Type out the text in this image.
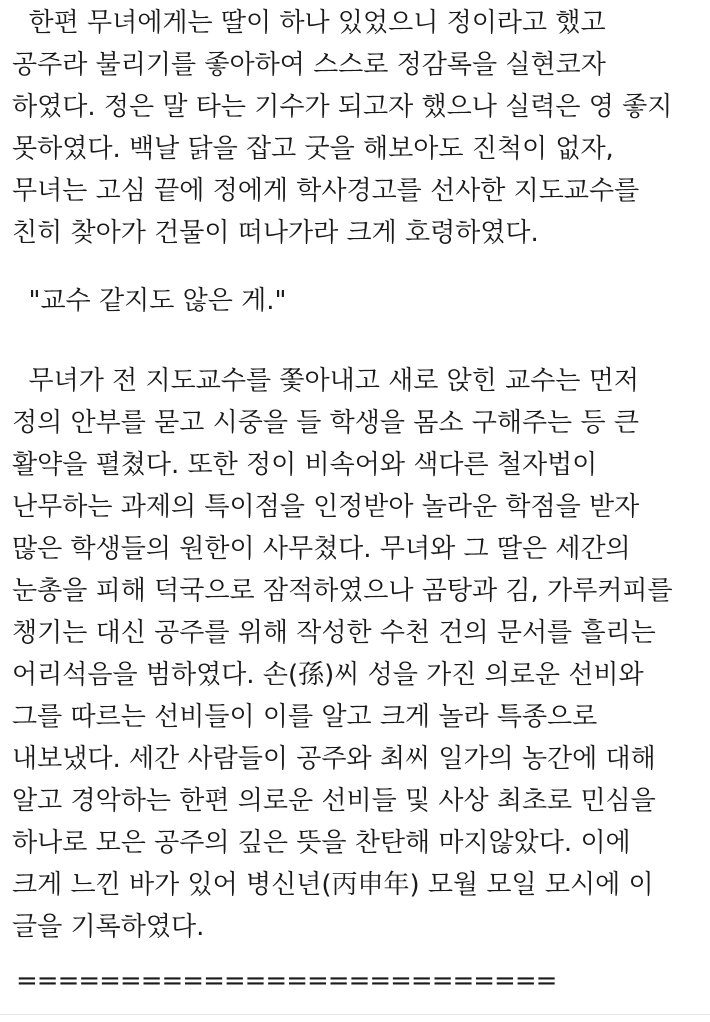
한편 무녀에게는 딸이 하나 있었으니 정이라고 했고
공주라 불리기를 좋아하여 스스로 정감록을 실현코자
하였다. 정은 말 타는 기수가 되고자 했으나 실력은 영 좋지
못하였다. 백날 닭을 잡고 굿을 해보아도 진척이 없자,
무녀는 고심 끝에 정에게 학사경고를 선사한 지도교수를
친히 찾아가 건물이 떠나가라 크게 호령하였다.
"교수 같지도 않은 게."
무녀가 전 지도교수를 쫓아내고 새로 앉힌 교수는 먼저
정의 안부를 묻고 시중을 들 학생을 몸소 구해주는 등 큰
활약을 펼쳤다. 또한 정이 비속어와 색다른 철자법이
난무하는 과제의 특이점을 인정받아 놀라운 학점을 받자
많은 학생들의 원한이 사무쳤다. 무녀와 그 딸은 세간의
눈총을 피해 덕국으로 잠적하였으나 곰탕과 김, 가루커피를
챙기는 대신 공주를 위해 작성한 수천 건의 문서를 흘리는
어리석음을 범하였다. 손(孫)씨 성을 가진 의로운 선비와
그를 따르는 선비들이 이를 알고 크게 놀라 특종으로
내보냈다. 세간 사람들이 공주와 최씨 일가의 농간에 대해
알고 경악하는 한편 의로운 선비들 및 사상 최초로 민심을
하나로 모은 공주의 깊은 뜻을 찬탄해 마지않았다. 이에
크게 느낀 바가 있어 병신년(丙申年) 모월 모일 모시에 이
글을 기록하였다.
==========================
